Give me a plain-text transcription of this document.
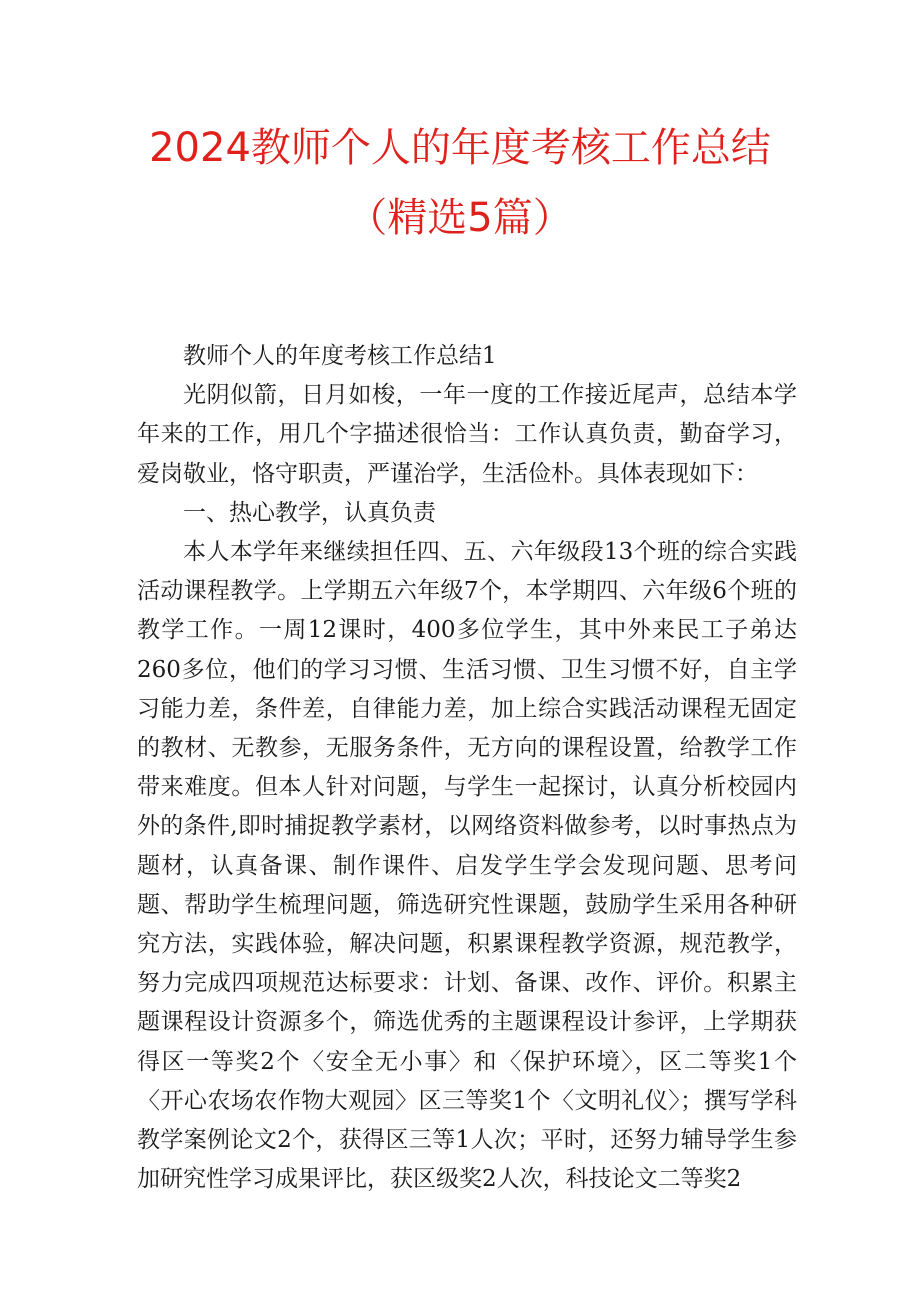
2024教师个人的年度考核工作总结
（精选5篇）

教师个人的年度考核工作总结1

光阴似箭，日月如梭，一年一度的工作接近尾声，总结本学年来的工作，用几个字描述很恰当：工作认真负责，勤奋学习，爱岗敬业，恪守职责，严谨治学，生活俭朴。具体表现如下：

一、热心教学，认真负责

本人本学年来继续担任四、五、六年级段13个班的综合实践活动课程教学。上学期五六年级7个，本学期四、六年级6个班的教学工作。一周12课时，400多位学生，其中外来民工子弟达260多位，他们的学习习惯、生活习惯、卫生习惯不好，自主学习能力差，条件差，自律能力差，加上综合实践活动课程无固定的教材、无教参，无服务条件，无方向的课程设置，给教学工作带来难度。但本人针对问题，与学生一起探讨，认真分析校园内外的条件,即时捕捉教学素材，以网络资料做参考，以时事热点为题材，认真备课、制作课件、启发学生学会发现问题、思考问题、帮助学生梳理问题，筛选研究性课题，鼓励学生采用各种研究方法，实践体验，解决问题，积累课程教学资源，规范教学，努力完成四项规范达标要求：计划、备课、改作、评价。积累主题课程设计资源多个，筛选优秀的主题课程设计参评，上学期获得区一等奖2个〈安全无小事〉和〈保护环境〉，区二等奖1个〈开心农场农作物大观园〉区三等奖1个〈文明礼仪〉；撰写学科教学案例论文2个，获得区三等1人次；平时，还努力辅导学生参加研究性学习成果评比，获区级奖2人次，科技论文二等奖2
